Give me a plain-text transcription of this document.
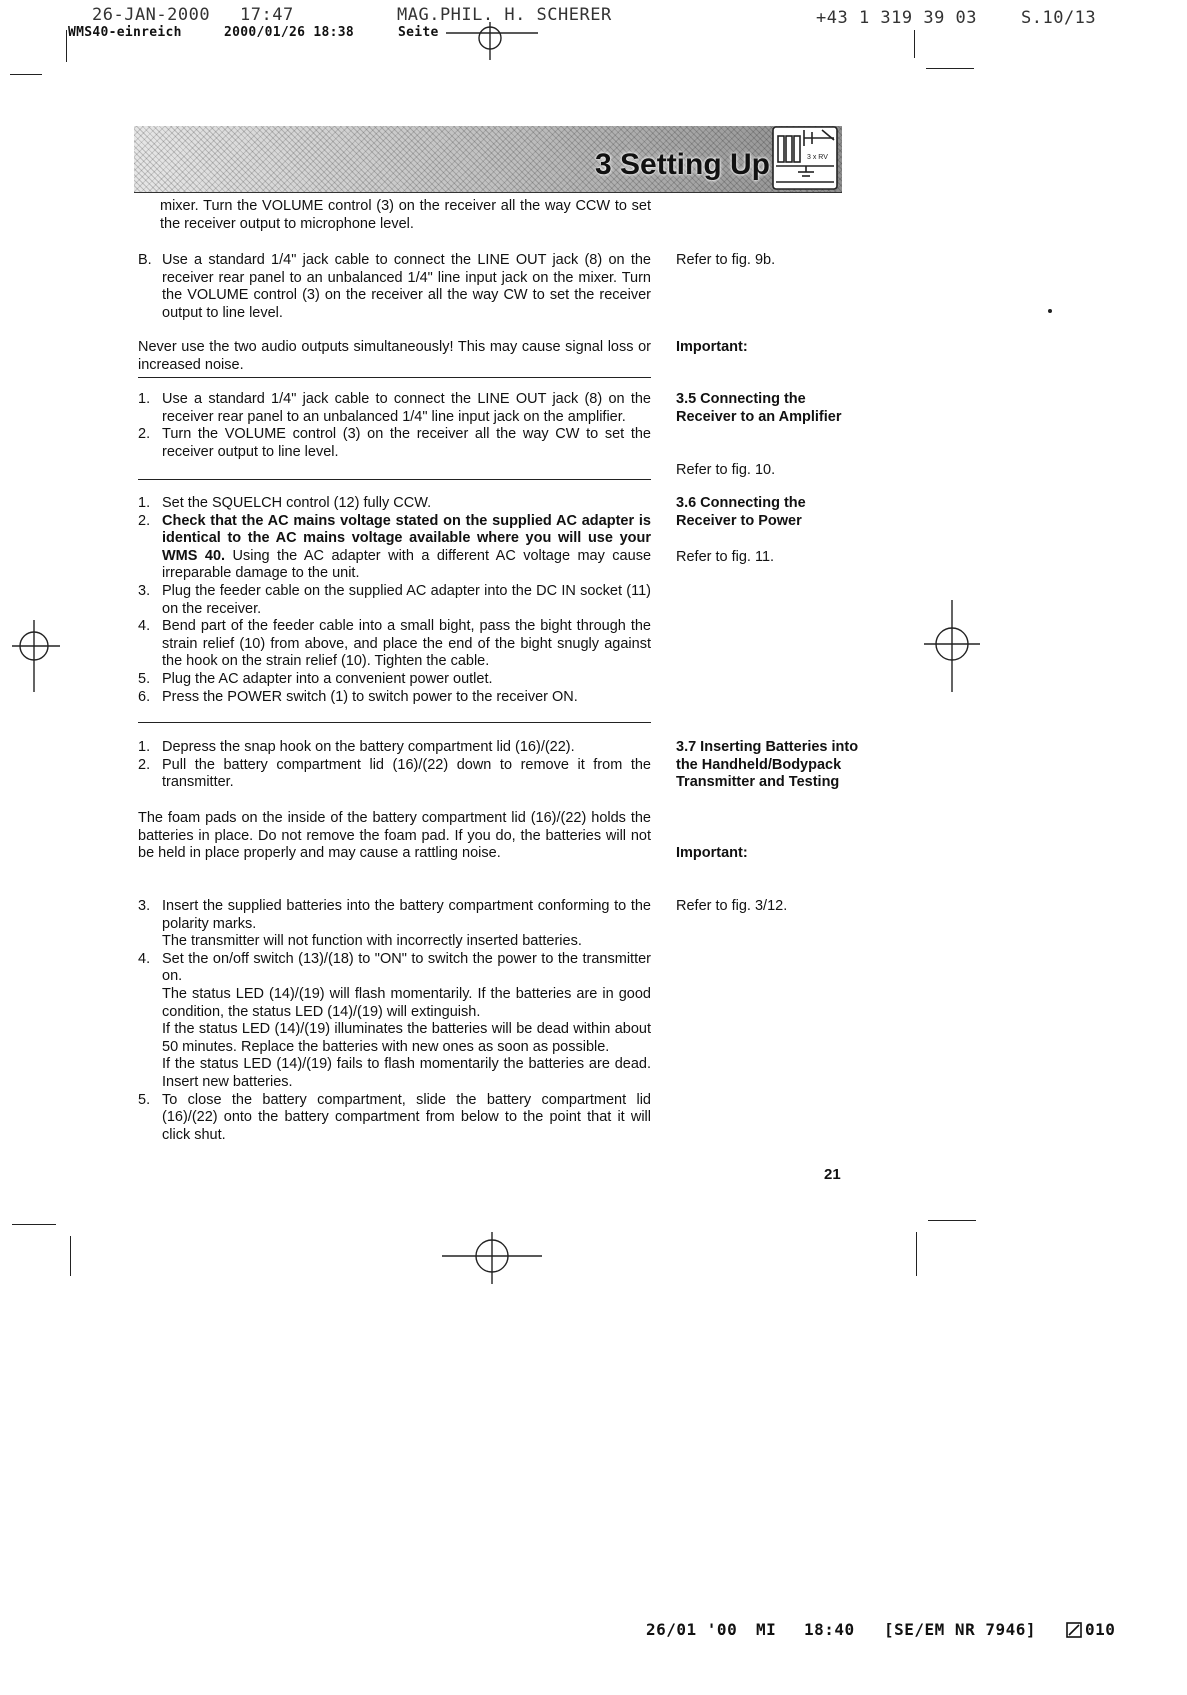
26-JAN-2000 17:47	MAG.PHIL. H. SCHERER	+43 1 319 39 03	S.10/13
WMS40-einreich	2000/01/26 18:38	Seite
3 Setting Up	3 x RV
mixer. Turn the VOLUME control (3) on the receiver all the way CCW to set the receiver output to microphone level.
B. Use a standard 1/4" jack cable to connect the LINE OUT jack (8) on the receiver rear panel to an unbalanced 1/4" line input jack on the mixer. Turn the VOLUME control (3) on the receiver all the way CW to set the receiver output to line level.
Never use the two audio outputs simultaneously! This may cause signal loss or increased noise.
1. Use a standard 1/4" jack cable to connect the LINE OUT jack (8) on the receiver rear panel to an unbalanced 1/4" line input jack on the amplifier.
2. Turn the VOLUME control (3) on the receiver all the way CW to set the receiver output to line level.
1. Set the SQUELCH control (12) fully CCW.
2. Check that the AC mains voltage stated on the supplied AC adapter is identical to the AC mains voltage available where you will use your WMS 40. Using the AC adapter with a different AC voltage may cause irreparable damage to the unit.
3. Plug the feeder cable on the supplied AC adapter into the DC IN socket (11) on the receiver.
4. Bend part of the feeder cable into a small bight, pass the bight through the strain relief (10) from above, and place the end of the bight snugly against the hook on the strain relief (10). Tighten the cable.
5. Plug the AC adapter into a convenient power outlet.
6. Press the POWER switch (1) to switch power to the receiver ON.
1. Depress the snap hook on the battery compartment lid (16)/(22).
2. Pull the battery compartment lid (16)/(22) down to remove it from the transmitter.
The foam pads on the inside of the battery compartment lid (16)/(22) holds the batteries in place. Do not remove the foam pad. If you do, the batteries will not be held in place properly and may cause a rattling noise.
3. Insert the supplied batteries into the battery compartment conforming to the polarity marks.

The transmitter will not function with incorrectly inserted batteries.

4. Set the on/off switch (13)/(18) to "ON" to switch the power to the transmitter on.

The status LED (14)/(19) will flash momentarily. If the batteries are in good condition, the status LED (14)/(19) will extinguish.

If the status LED (14)/(19) illuminates the batteries will be dead within about 50 minutes. Replace the batteries with new ones as soon as possible.

If the status LED (14)/(19) fails to flash momentarily the batteries are dead. Insert new batteries.

5. To close the battery compartment, slide the battery compartment lid (16)/(22) onto the battery compartment from below to the point that it will click shut.

Refer to fig. 9b.
Important:
3.5 Connecting the Receiver to an Amplifier
Refer to fig. 10.
3.6 Connecting the Receiver to Power
Refer to fig. 11.
3.7 Inserting Batteries into the Handheld/Bodypack Transmitter and Testing
Important:
Refer to fig. 3/12.
21
26/01 '00 MI 18:40 [SE/EM NR 7946]	010
